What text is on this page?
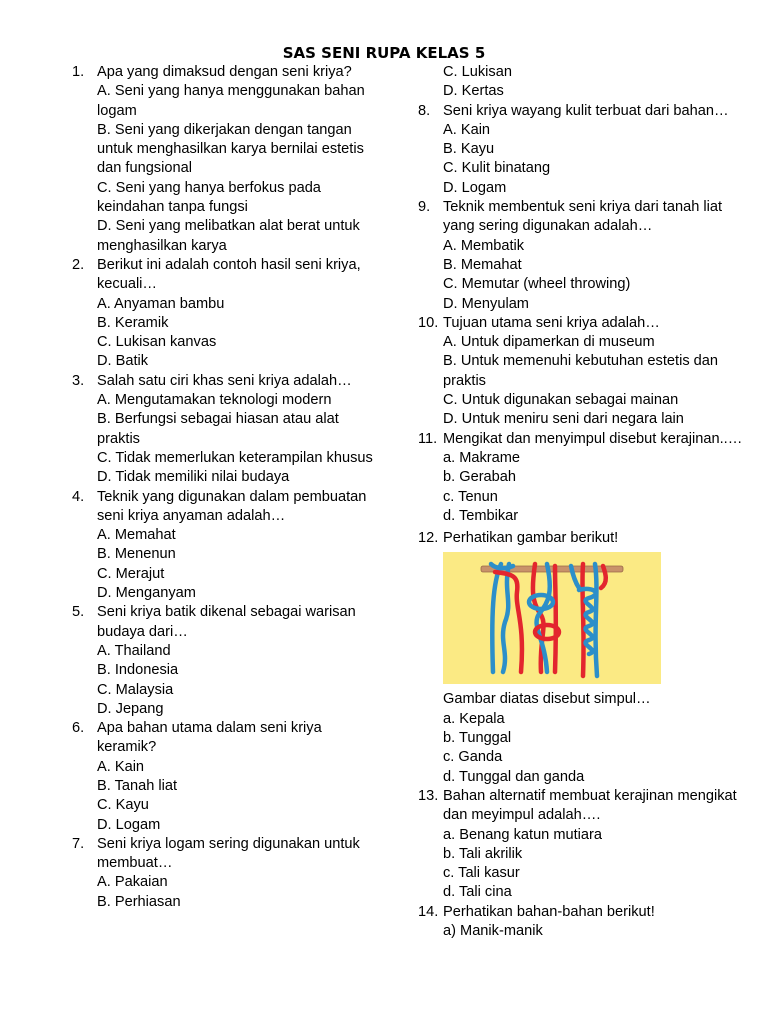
SAS SENI RUPA KELAS 5
1. Apa yang dimaksud dengan seni kriya?
A. Seni yang hanya menggunakan bahan logam
B. Seni yang dikerjakan dengan tangan untuk menghasilkan karya bernilai estetis dan fungsional
C. Seni yang hanya berfokus pada keindahan tanpa fungsi
D. Seni yang melibatkan alat berat untuk menghasilkan karya
2. Berikut ini adalah contoh hasil seni kriya, kecuali…
A. Anyaman bambu
B. Keramik
C. Lukisan kanvas
D. Batik
3. Salah satu ciri khas seni kriya adalah…
A. Mengutamakan teknologi modern
B. Berfungsi sebagai hiasan atau alat praktis
C. Tidak memerlukan keterampilan khusus
D. Tidak memiliki nilai budaya
4. Teknik yang digunakan dalam pembuatan seni kriya anyaman adalah…
A. Memahat
B. Menenun
C. Merajut
D. Menganyam
5. Seni kriya batik dikenal sebagai warisan budaya dari…
A. Thailand
B. Indonesia
C. Malaysia
D. Jepang
6. Apa bahan utama dalam seni kriya keramik?
A. Kain
B. Tanah liat
C. Kayu
D. Logam
7. Seni kriya logam sering digunakan untuk membuat…
A. Pakaian
B. Perhiasan
C. Lukisan
D. Kertas
8. Seni kriya wayang kulit terbuat dari bahan…
A. Kain
B. Kayu
C. Kulit binatang
D. Logam
9. Teknik membentuk seni kriya dari tanah liat yang sering digunakan adalah…
A. Membatik
B. Memahat
C. Memutar (wheel throwing)
D. Menyulam
10. Tujuan utama seni kriya adalah…
A. Untuk dipamerkan di museum
B. Untuk memenuhi kebutuhan estetis dan praktis
C. Untuk digunakan sebagai mainan
D. Untuk meniru seni dari negara lain
11. Mengikat dan menyimpul disebut kerajinan..…
a. Makrame
b. Gerabah
c. Tenun
d. Tembikar
12. Perhatikan gambar berikut!
Gambar diatas disebut simpul…
a. Kepala
b. Tunggal
c. Ganda
d. Tunggal dan ganda
13. Bahan alternatif membuat kerajinan mengikat dan meyimpul adalah….
a. Benang katun mutiara
b. Tali akrilik
c. Tali kasur
d. Tali cina
14. Perhatikan bahan-bahan berikut!
a) Manik-manik
